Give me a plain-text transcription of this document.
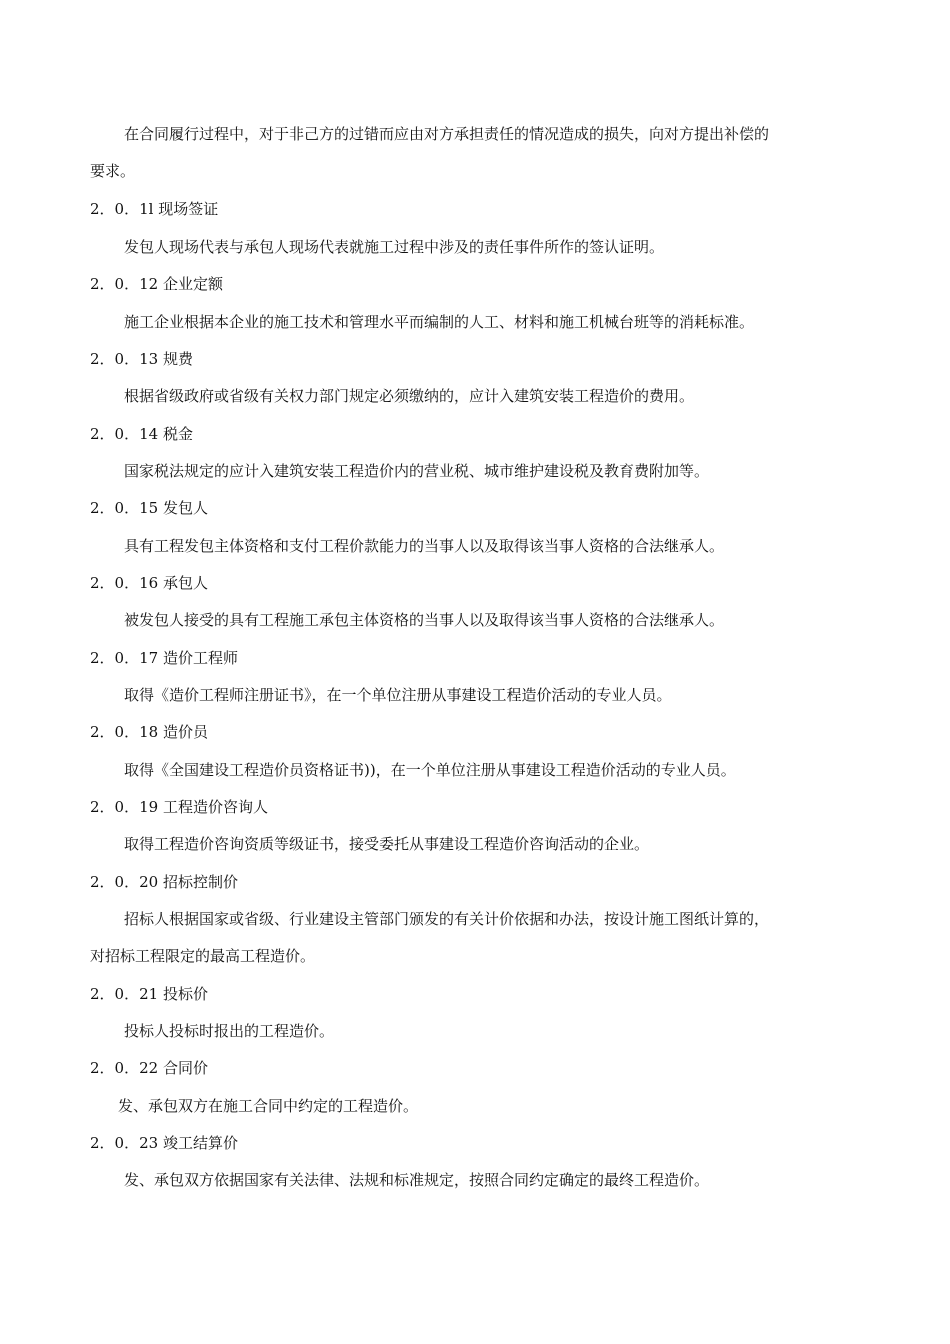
在合同履行过程中，对于非己方的过错而应由对方承担责任的情况造成的损失，向对方提出补偿的
要求。
2．0．1l 现场签证
发包人现场代表与承包人现场代表就施工过程中涉及的责任事件所作的签认证明。
2．0．12 企业定额
施工企业根据本企业的施工技术和管理水平而编制的人工、材料和施工机械台班等的消耗标准。
2．0．13 规费
根据省级政府或省级有关权力部门规定必须缴纳的，应计入建筑安装工程造价的费用。
2．0．14 税金
国家税法规定的应计入建筑安装工程造价内的营业税、城市维护建设税及教育费附加等。
2．0．15 发包人
具有工程发包主体资格和支付工程价款能力的当事人以及取得该当事人资格的合法继承人。
2．0．16 承包人
被发包人接受的具有工程施工承包主体资格的当事人以及取得该当事人资格的合法继承人。
2．0．17 造价工程师
取得《造价工程师注册证书》，在一个单位注册从事建设工程造价活动的专业人员。
2．0．18 造价员
取得《全国建设工程造价员资格证书))，在一个单位注册从事建设工程造价活动的专业人员。
2．0．19 工程造价咨询人
取得工程造价咨询资质等级证书，接受委托从事建设工程造价咨询活动的企业。
2．0．20 招标控制价
招标人根据国家或省级、行业建设主管部门颁发的有关计价依据和办法，按设计施工图纸计算的，
对招标工程限定的最高工程造价。
2．0．21 投标价
投标人投标时报出的工程造价。
2．0．22 合同价
发、承包双方在施工合同中约定的工程造价。
2．0．23 竣工结算价
发、承包双方依据国家有关法律、法规和标准规定，按照合同约定确定的最终工程造价。
